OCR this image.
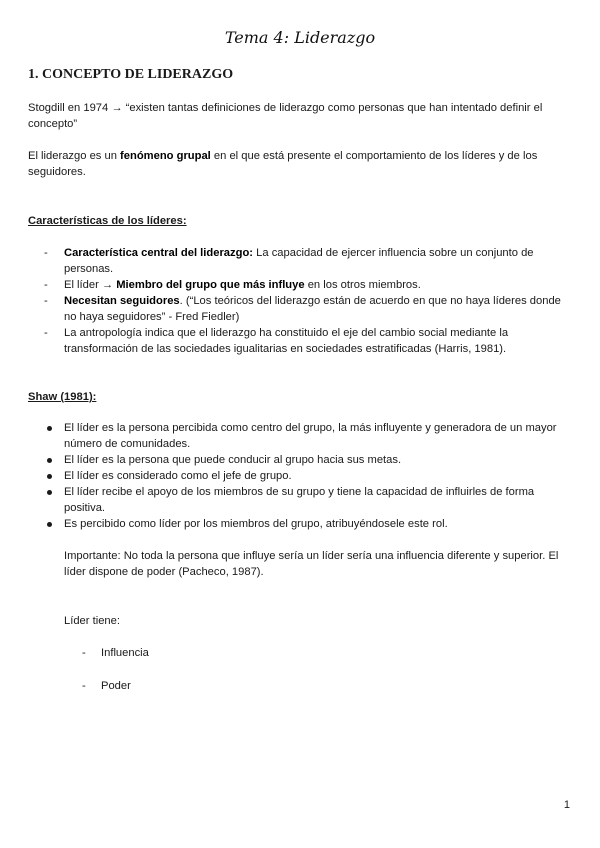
Tema 4: Liderazgo
1. CONCEPTO DE LIDERAZGO
Stogdill en 1974 → “existen tantas definiciones de liderazgo como personas que han intentado definir el concepto”
El liderazgo es un fenómeno grupal en el que está presente el comportamiento de los líderes y de los seguidores.
Características de los líderes:
- Característica central del liderazgo: La capacidad de ejercer influencia sobre un conjunto de personas.
- El líder → Miembro del grupo que más influye en los otros miembros.
- Necesitan seguidores. (“Los teóricos del liderazgo están de acuerdo en que no haya líderes donde no haya seguidores” - Fred Fiedler)
- La antropología indica que el liderazgo ha constituido el eje del cambio social mediante la transformación de las sociedades igualitarias en sociedades estratificadas (Harris, 1981).
Shaw (1981):
El líder es la persona percibida como centro del grupo, la más influyente y generadora de un mayor número de comunidades.
El líder es la persona que puede conducir al grupo hacia sus metas.
El líder es considerado como el jefe de grupo.
El líder recibe el apoyo de los miembros de su grupo y tiene la capacidad de influirles de forma positiva.
Es percibido como líder por los miembros del grupo, atribuyéndosele este rol.
Importante: No toda la persona que influye sería un líder sería una influencia diferente y superior. El líder dispone de poder (Pacheco, 1987).
Líder tiene:
- Influencia
- Poder
1
